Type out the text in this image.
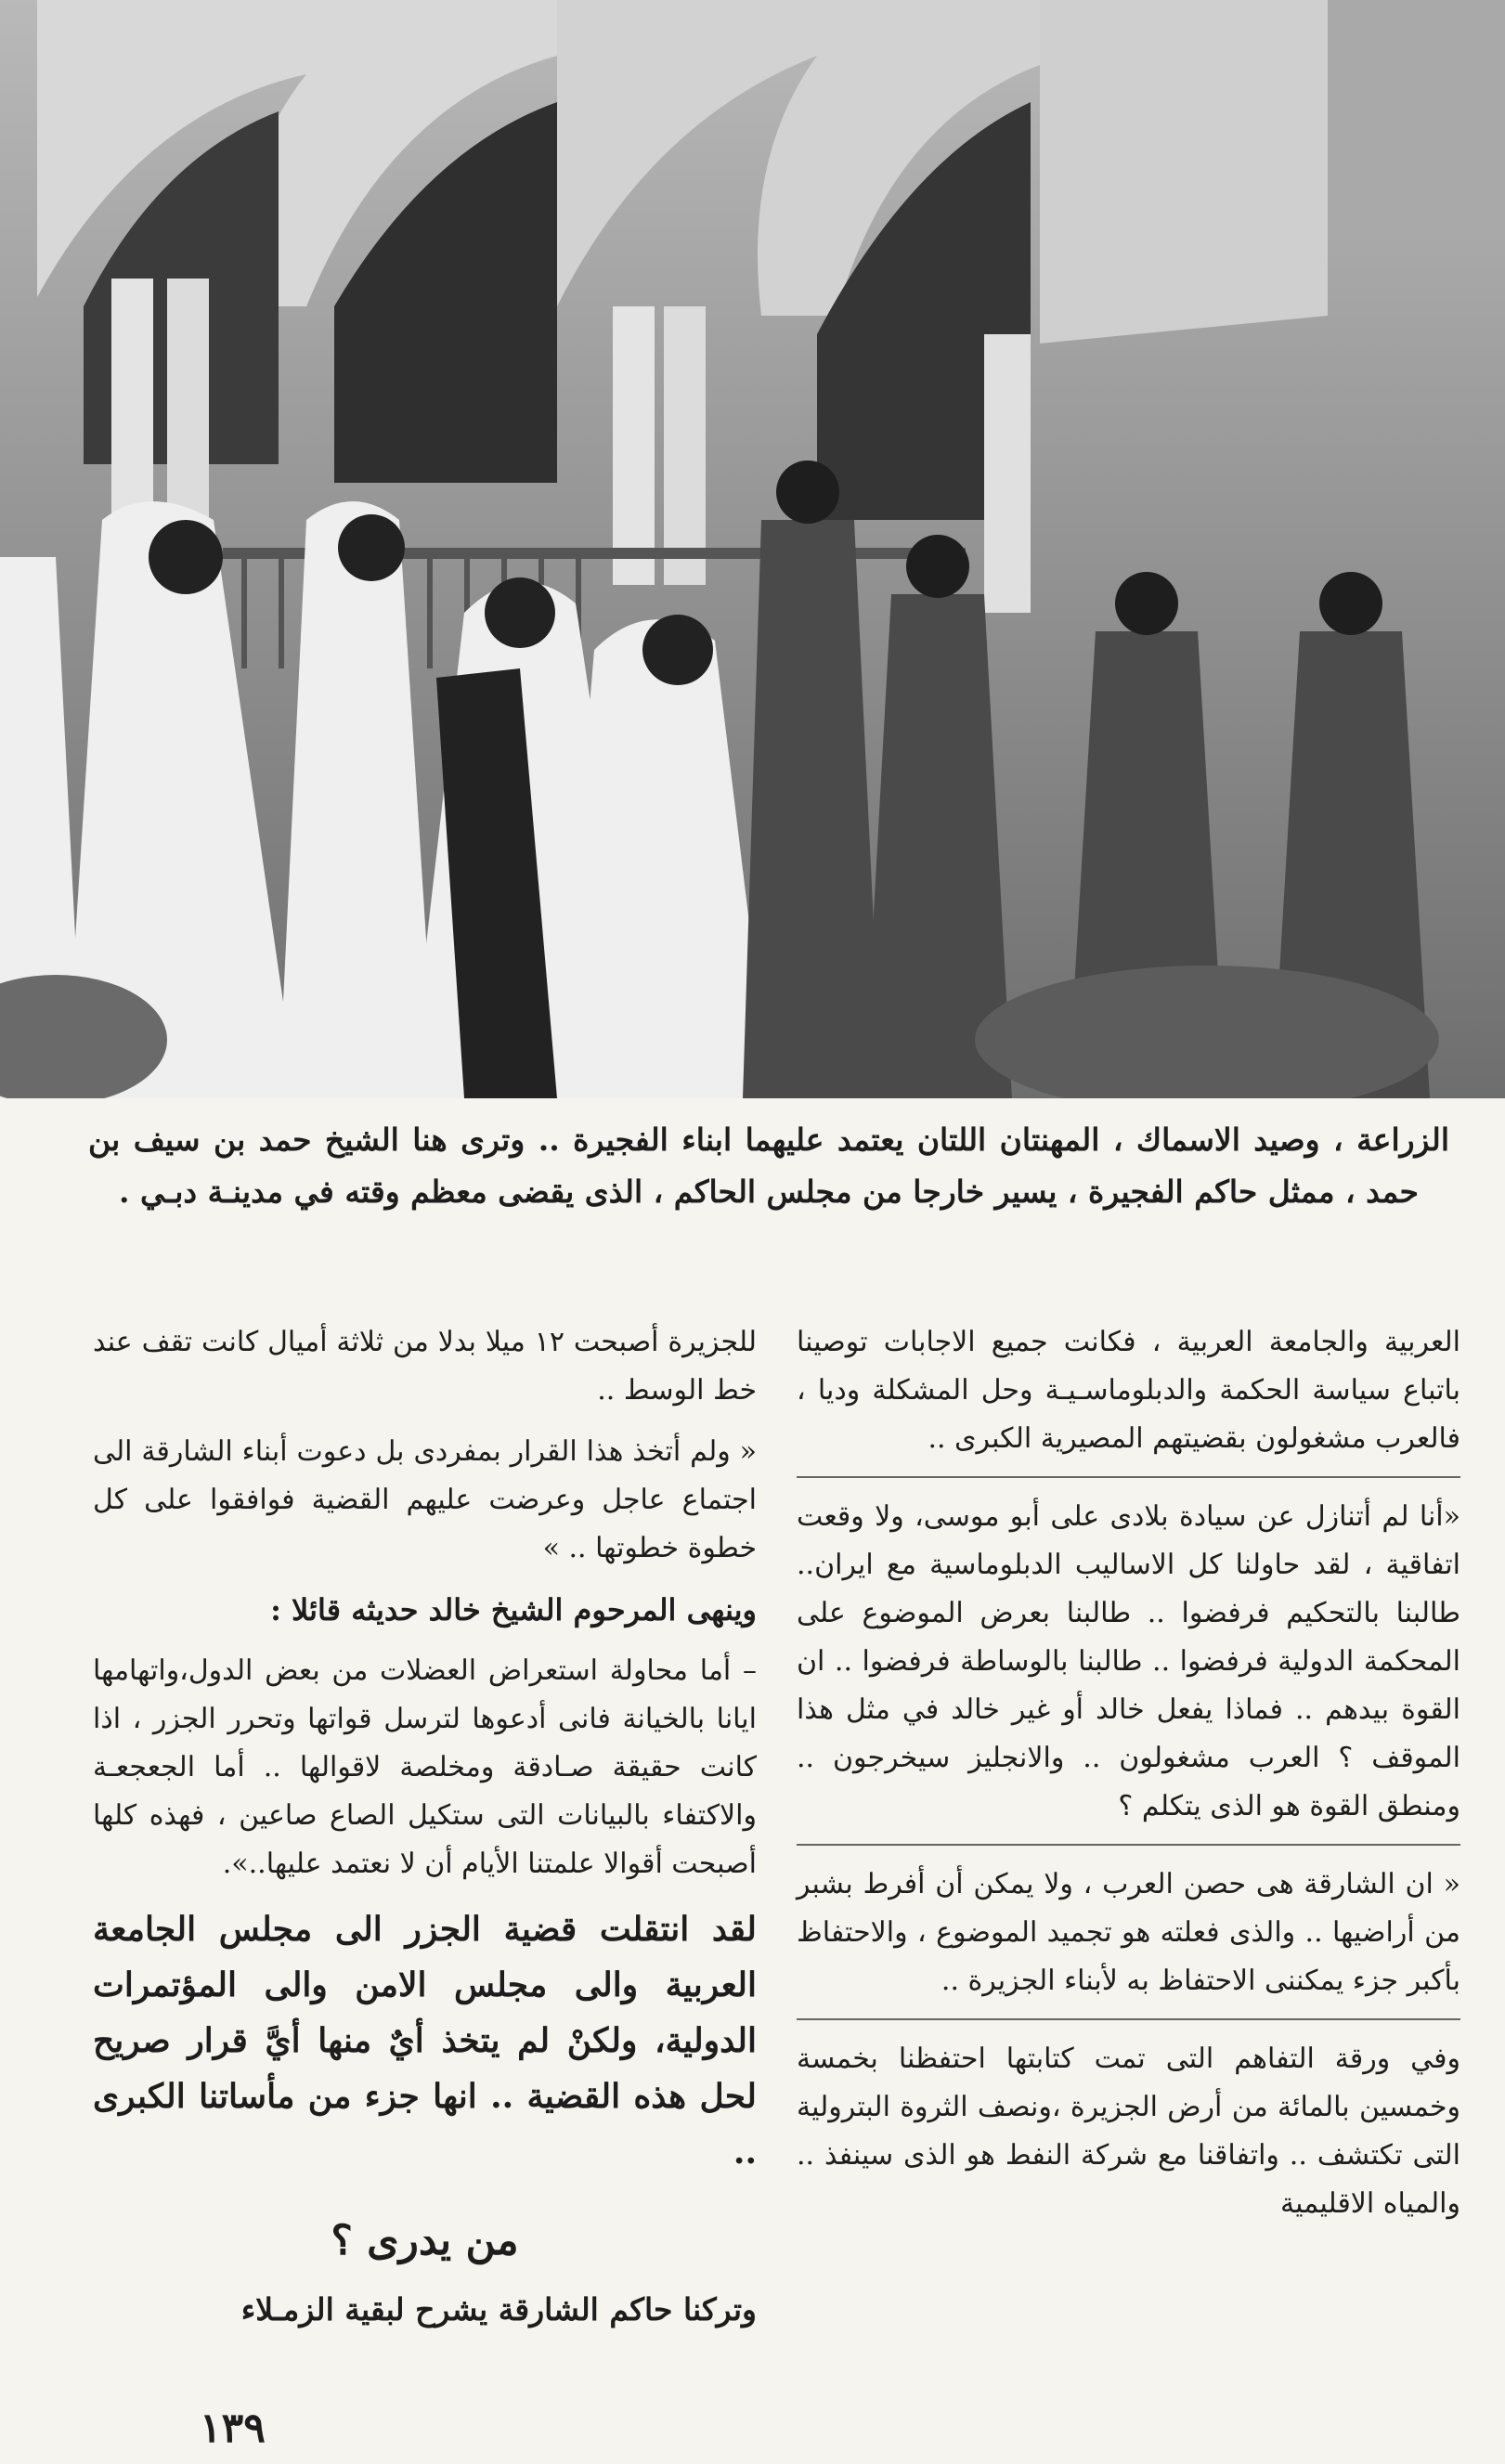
الزراعة ، وصيد الاسماك ، المهنتان اللتان يعتمد عليهما ابناء الفجيرة .. وترى هنا الشيخ حمد بن سيف بن حمد ، ممثل حاكم الفجيرة ، يسير خارجا من مجلس الحاكم ، الذى يقضى معظم وقته في مدينـة دبـي .

العربية والجامعة العربية ، فكانت جميع الاجابات توصينا باتباع سياسة الحكمة والدبلوماسـيـة وحل المشكلة وديا ، فالعرب مشغولون بقضيتهم المصيرية الكبرى ..

«أنا لم أتنازل عن سيادة بلادى على أبو موسى، ولا وقعت اتفاقية ، لقد حاولنا كل الاساليب الدبلوماسية مع ايران.. طالبنا بالتحكيم فرفضوا .. طالبنا بعرض الموضوع على المحكمة الدولية فرفضوا .. طالبنا بالوساطة فرفضوا .. ان القوة بيدهم .. فماذا يفعل خالد أو غير خالد في مثل هذا الموقف ؟ العرب مشغولون .. والانجليز سيخرجون .. ومنطق القوة هو الذى يتكلم ؟

« ان الشارقة هى حصن العرب ، ولا يمكن أن أفرط بشبر من أراضيها .. والذى فعلته هو تجميد الموضوع ، والاحتفاظ بأكبر جزء يمكننى الاحتفاظ به لأبناء الجزيرة ..

وفي ورقة التفاهم التى تمت كتابتها احتفظنا بخمسة وخمسين بالمائة من أرض الجزيرة ،ونصف الثروة البترولية التى تكتشف .. واتفاقنا مع شركة النفط هو الذى سينفذ .. والمياه الاقليمية

للجزيرة أصبحت ١٢ ميلا بدلا من ثلاثة أميال كانت تقف عند خط الوسط ..

« ولم أتخذ هذا القرار بمفردى بل دعوت أبناء الشارقة الى اجتماع عاجل وعرضت عليهم القضية فوافقوا على كل خطوة خطوتها .. »

وينهى المرحوم الشيخ خالد حديثه قائلا :

– أما محاولة استعراض العضلات من بعض الدول،واتهامها ايانا بالخيانة فانى أدعوها لترسل قواتها وتحرر الجزر ، اذا كانت حقيقة صـادقة ومخلصة لاقوالها .. أما الجعجعـة والاكتفاء بالبيانات التى ستكيل الصاع صاعين ، فهذه كلها أصبحت أقوالا علمتنا الأيام أن لا نعتمد عليها..».

لقد انتقلت قضية الجزر الى مجلس الجامعة العربية والى مجلس الامن والى المؤتمرات الدولية، ولكنْ لم يتخذ أيٌ منها أيَّ قرار صريح لحل هذه القضية .. انها جزء من مأساتنا الكبرى ..

من يدرى ؟

وتركنا حاكم الشارقة يشرح لبقية الزمـلاء

١٣٩
